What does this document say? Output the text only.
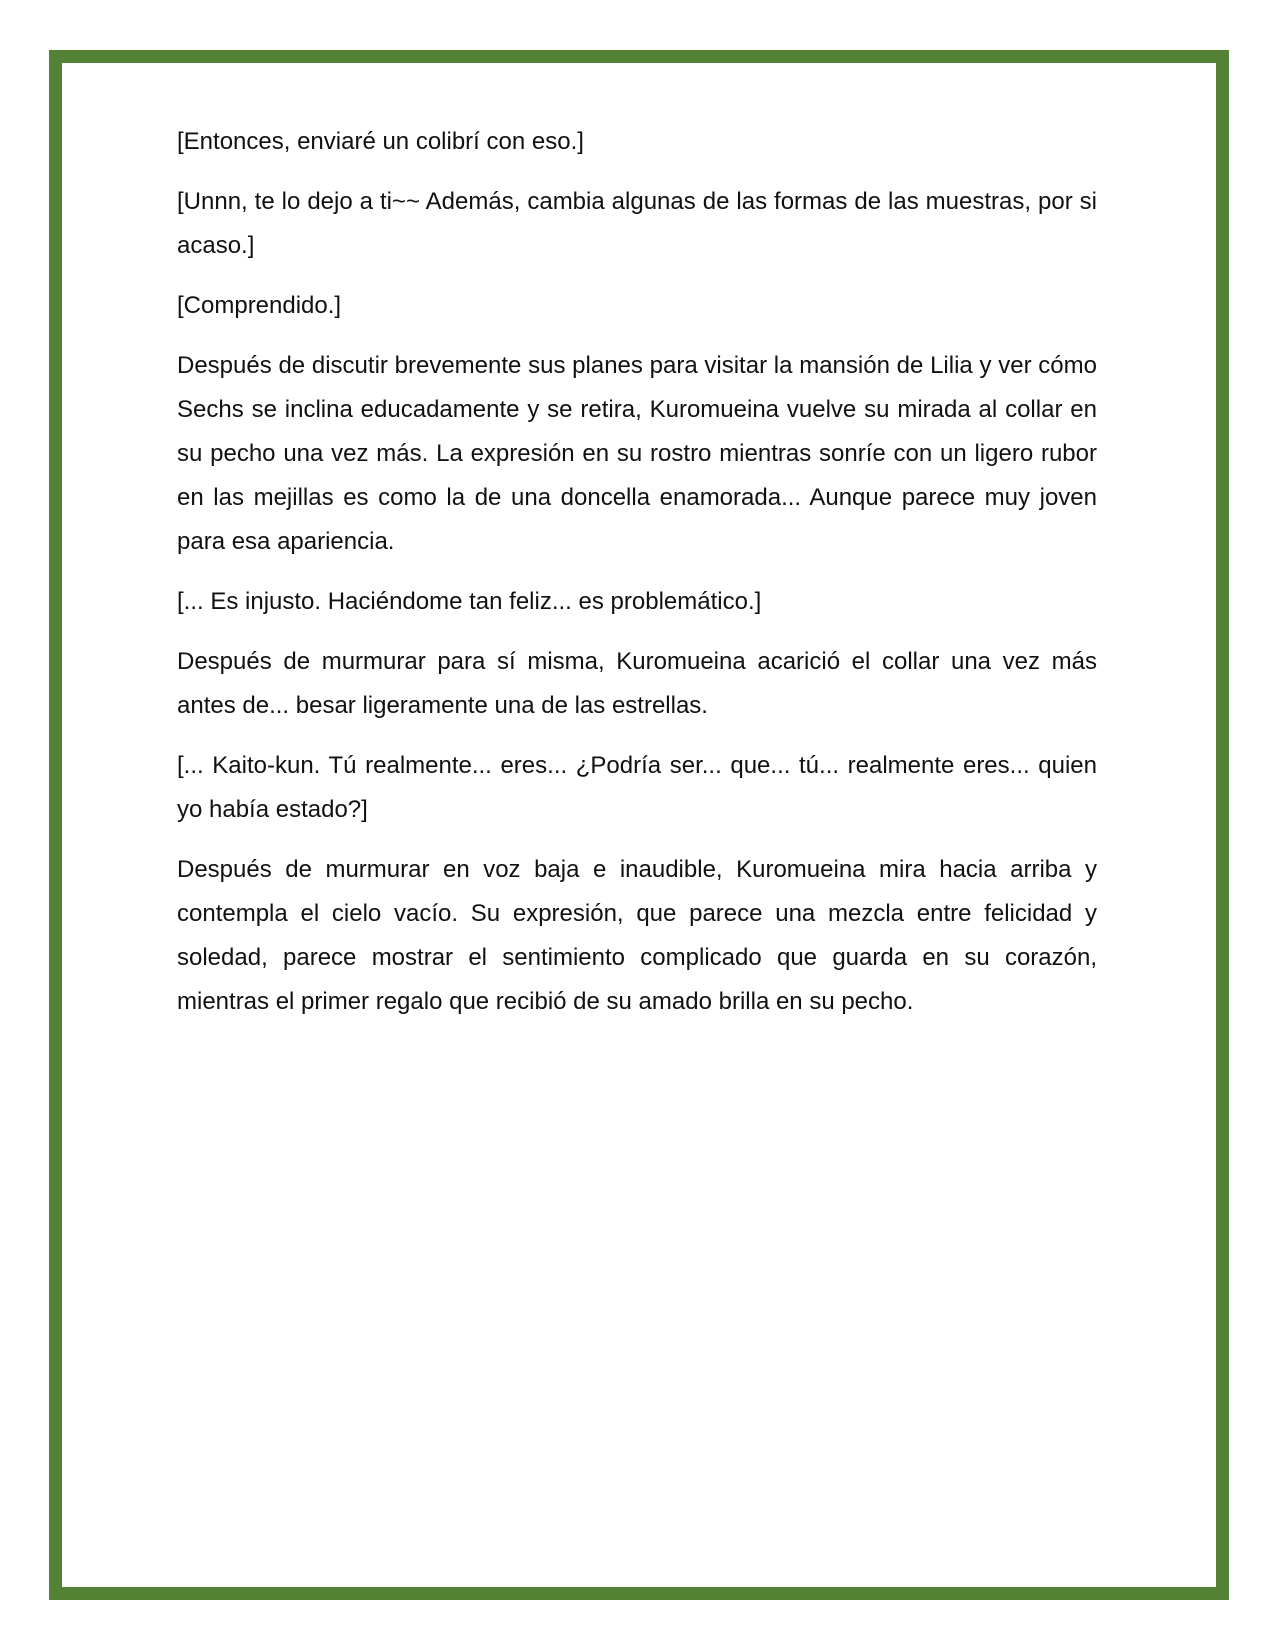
[Entonces, enviaré un colibrí con eso.]

[Unnn, te lo dejo a ti~~ Además, cambia algunas de las formas de las muestras, por si acaso.]

[Comprendido.]

Después de discutir brevemente sus planes para visitar la mansión de Lilia y ver cómo Sechs se inclina educadamente y se retira, Kuromueina vuelve su mirada al collar en su pecho una vez más. La expresión en su rostro mientras sonríe con un ligero rubor en las mejillas es como la de una doncella enamorada... Aunque parece muy joven para esa apariencia.

[... Es injusto. Haciéndome tan feliz... es problemático.]

Después de murmurar para sí misma, Kuromueina acarició el collar una vez más antes de... besar ligeramente una de las estrellas.

[... Kaito-kun. Tú realmente... eres... ¿Podría ser... que... tú... realmente eres... quien yo había estado?]

Después de murmurar en voz baja e inaudible, Kuromueina mira hacia arriba y contempla el cielo vacío. Su expresión, que parece una mezcla entre felicidad y soledad, parece mostrar el sentimiento complicado que guarda en su corazón, mientras el primer regalo que recibió de su amado brilla en su pecho.
